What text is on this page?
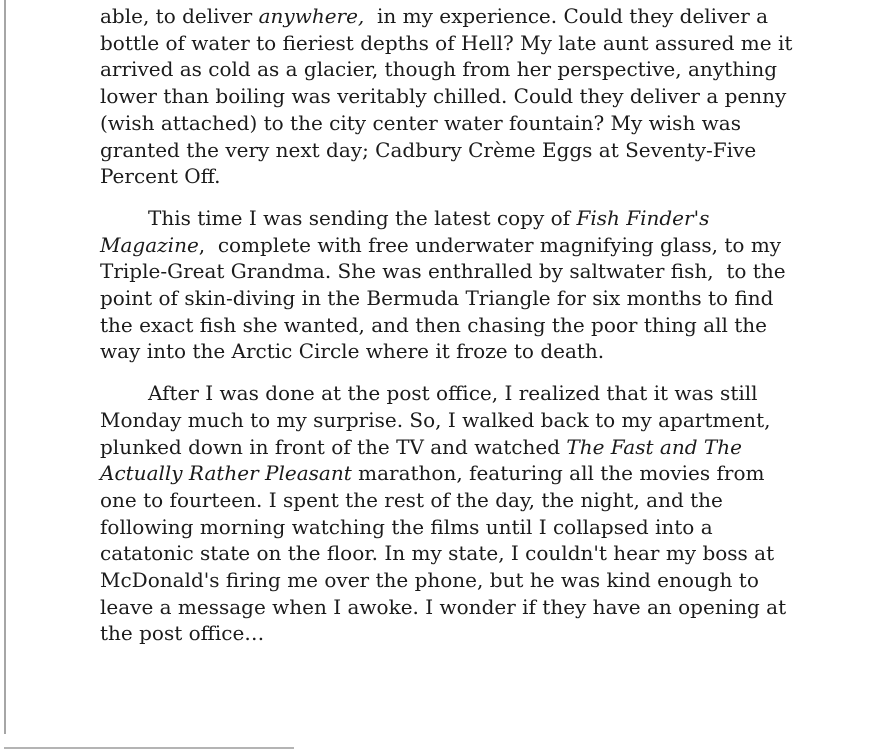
able, to deliver anywhere,  in my experience. Could they deliver a
bottle of water to fieriest depths of Hell? My late aunt assured me it
arrived as cold as a glacier, though from her perspective, anything
lower than boiling was veritably chilled. Could they deliver a penny
(wish attached) to the city center water fountain? My wish was
granted the very next day; Cadbury Crème Eggs at Seventy-Five
Percent Off.
This time I was sending the latest copy of Fish Finder's
Magazine,  complete with free underwater magnifying glass, to my
Triple-Great Grandma. She was enthralled by saltwater fish,  to the
point of skin-diving in the Bermuda Triangle for six months to find
the exact fish she wanted, and then chasing the poor thing all the
way into the Arctic Circle where it froze to death.
After I was done at the post office, I realized that it was still
Monday much to my surprise. So, I walked back to my apartment,
plunked down in front of the TV and watched The Fast and The
Actually Rather Pleasant marathon, featuring all the movies from
one to fourteen. I spent the rest of the day, the night, and the
following morning watching the films until I collapsed into a
catatonic state on the floor. In my state, I couldn't hear my boss at
McDonald's firing me over the phone, but he was kind enough to
leave a message when I awoke. I wonder if they have an opening at
the post office…
